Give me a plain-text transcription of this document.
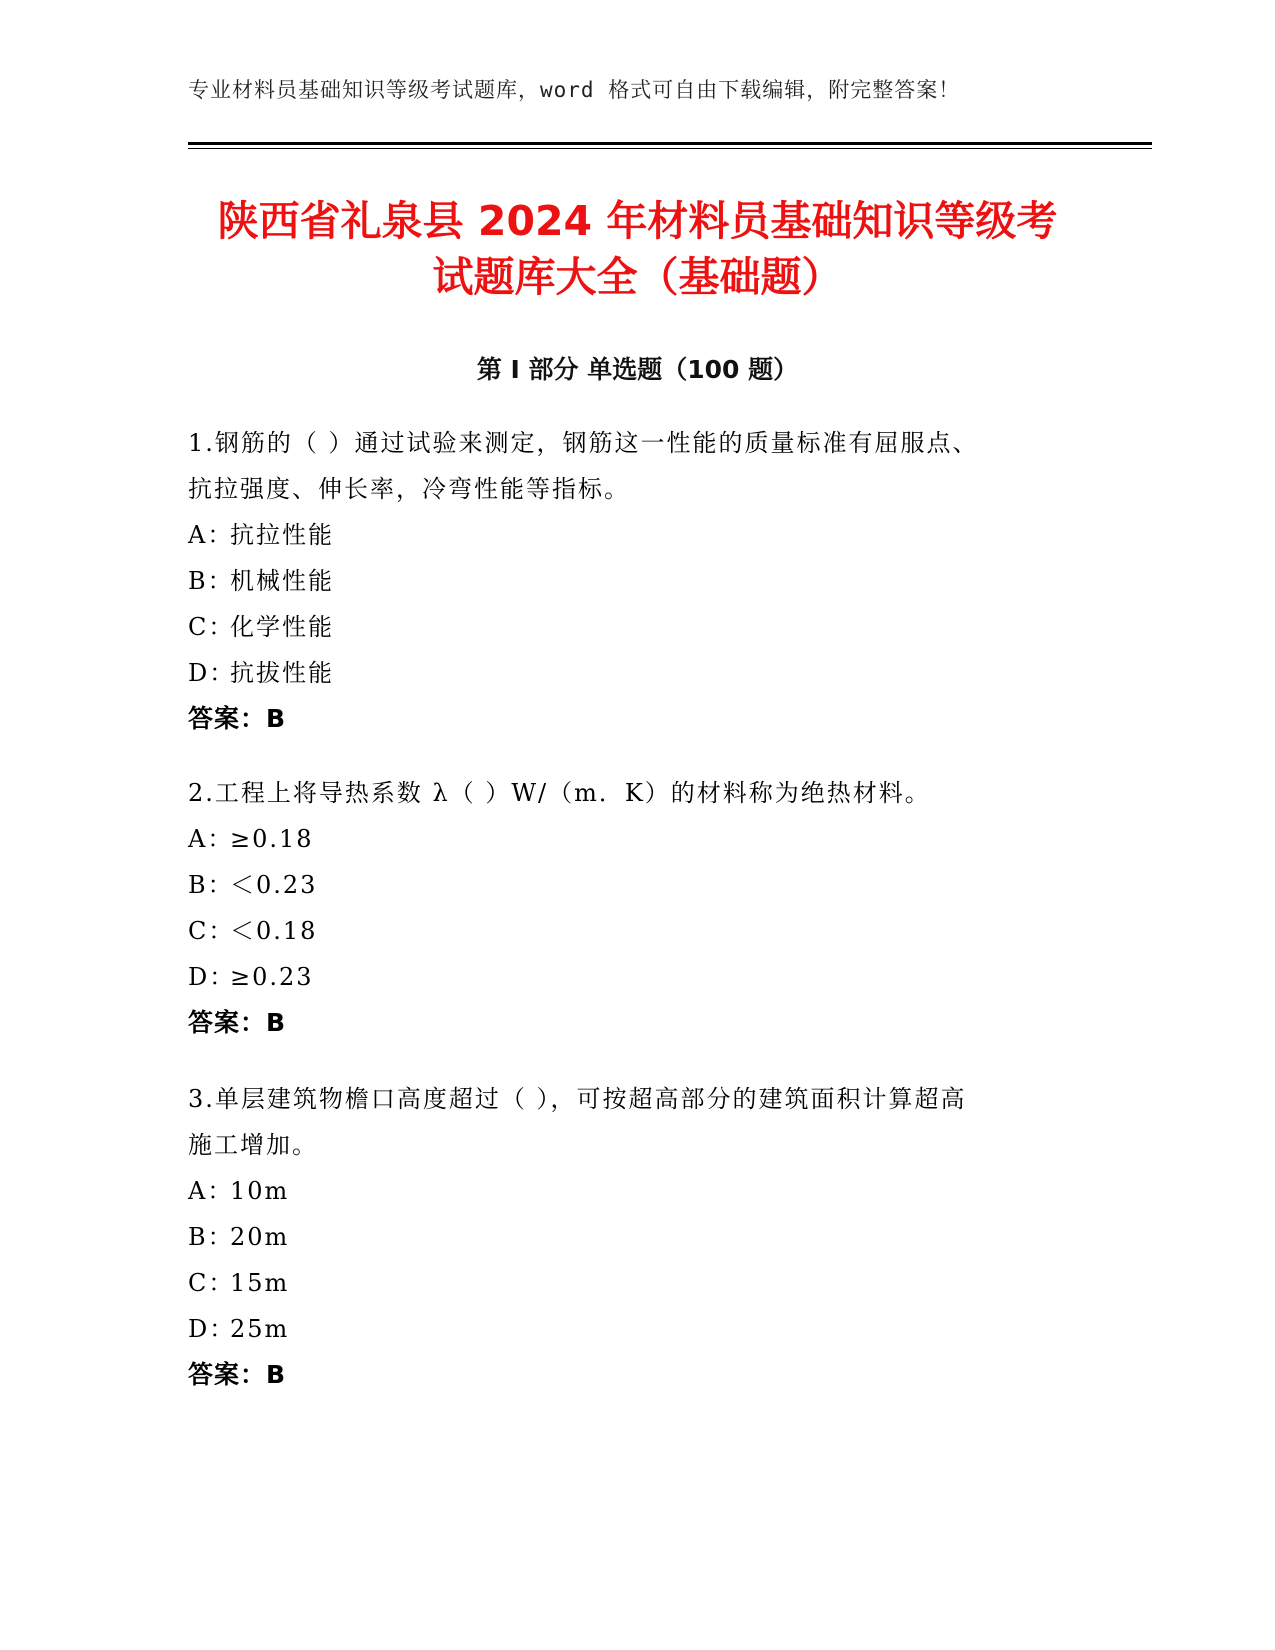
专业材料员基础知识等级考试题库，word 格式可自由下载编辑，附完整答案！
陕西省礼泉县 2024 年材料员基础知识等级考
试题库大全（基础题）
第 I 部分 单选题（100 题）

1.钢筋的（ ）通过试验来测定，钢筋这一性能的质量标准有屈服点、

抗拉强度、伸长率，冷弯性能等指标。

A：抗拉性能

B：机械性能

C：化学性能

D：抗拔性能

答案：B

2.工程上将导热系数 λ（ ）W/（m．K）的材料称为绝热材料。

A：≥0.18

B：＜0.23

C：＜0.18

D：≥0.23

答案：B

3.单层建筑物檐口高度超过（ ），可按超高部分的建筑面积计算超高

施工增加。

A：10m

B：20m

C：15m

D：25m

答案：B
